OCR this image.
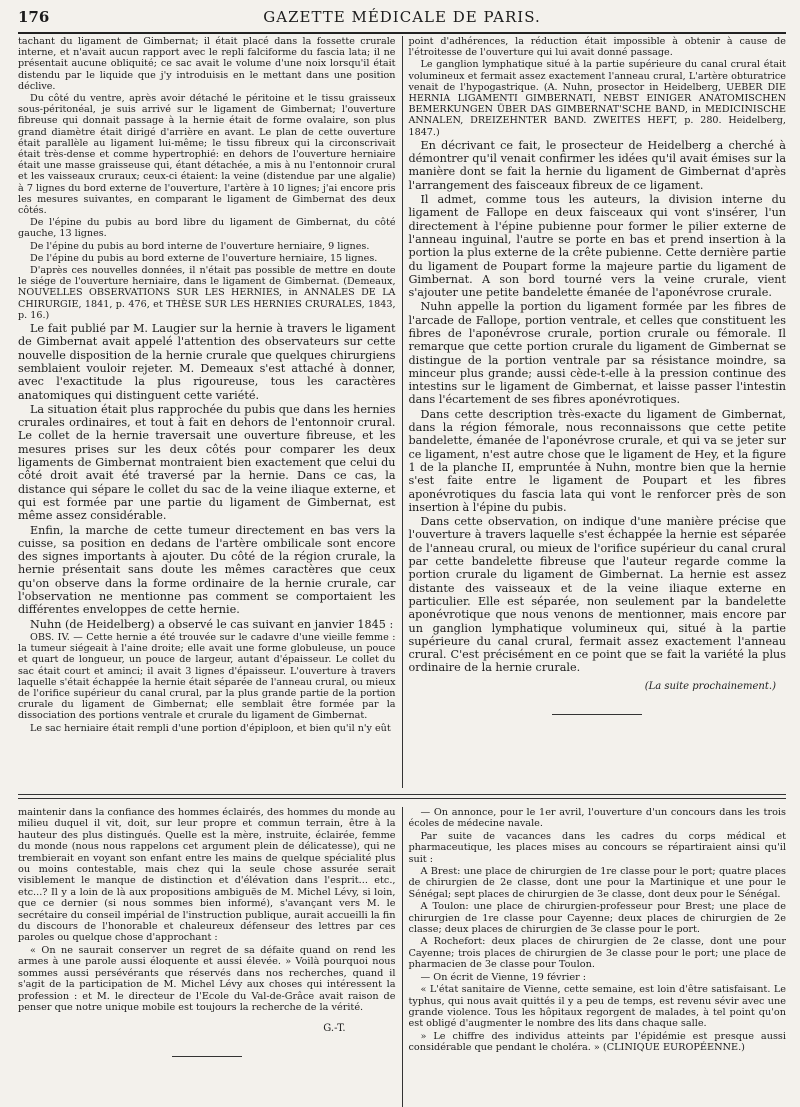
176	GAZETTE MÉDICALE DE PARIS.

tachant du ligament de Gimbernat; il était placé dans la fossette crurale interne, et n'avait aucun rapport avec le repli falciforme du fascia lata; il ne présentait aucune obliquité; ce sac avait le volume d'une noix lorsqu'il était distendu par le liquide que j'y introduisis en le mettant dans une position déclive.

Du côté du ventre, après avoir détaché le péritoine et le tissu graisseux sous-péritonéal, je suis arrivé sur le ligament de Gimbernat; l'ouverture fibreuse qui donnait passage à la hernie était de forme ovalaire, son plus grand diamètre était dirigé d'arrière en avant. Le plan de cette ouverture était parallèle au ligament lui-même; le tissu fibreux qui la circonscrivait était très-dense et comme hypertrophié: en dehors de l'ouverture herniaire était une masse graisseuse qui, étant détachée, a mis à nu l'entonnoir crural et les vaisseaux cruraux; ceux-ci étaient: la veine (distendue par une algalie) à 7 lignes du bord externe de l'ouverture, l'artère à 10 lignes; j'ai encore pris les mesures suivantes, en comparant le ligament de Gimbernat des deux côtés.

De l'épine du pubis au bord libre du ligament de Gimbernat, du côté gauche, 13 lignes.

De l'épine du pubis au bord interne de l'ouverture herniaire, 9 lignes.

De l'épine du pubis au bord externe de l'ouverture herniaire, 15 lignes.

D'après ces nouvelles données, il n'était pas possible de mettre en doute le siége de l'ouverture herniaire, dans le ligament de Gimbernat. (Demeaux, NOUVELLES OBSERVATIONS SUR LES HERNIES, in ANNALES DE LA CHIRURGIE, 1841, p. 476, et THÈSE SUR LES HERNIES CRURALES, 1843, p. 16.)

Le fait publié par M. Laugier sur la hernie à travers le ligament de Gimbernat avait appelé l'attention des observateurs sur cette nouvelle disposition de la hernie crurale que quelques chirurgiens semblaient vouloir rejeter. M. Demeaux s'est attaché à donner, avec l'exactitude la plus rigoureuse, tous les caractères anatomiques qui distinguent cette variété.

La situation était plus rapprochée du pubis que dans les hernies crurales ordinaires, et tout à fait en dehors de l'entonnoir crural. Le collet de la hernie traversait une ouverture fibreuse, et les mesures prises sur les deux côtés pour comparer les deux ligaments de Gimbernat montraient bien exactement que celui du côté droit avait été traversé par la hernie. Dans ce cas, la distance qui sépare le collet du sac de la veine iliaque externe, et qui est formée par une partie du ligament de Gimbernat, est même assez considérable.

Enfin, la marche de cette tumeur directement en bas vers la cuisse, sa position en dedans de l'artère ombilicale sont encore des signes importants à ajouter. Du côté de la région crurale, la hernie présentait sans doute les mêmes caractères que ceux qu'on observe dans la forme ordinaire de la hernie crurale, car l'observation ne mentionne pas comment se comportaient les différentes enveloppes de cette hernie.

Nuhn (de Heidelberg) a observé le cas suivant en janvier 1845 :

OBS. IV. — Cette hernie a été trouvée sur le cadavre d'une vieille femme : la tumeur siégeait à l'aine droite; elle avait une forme globuleuse, un pouce et quart de longueur, un pouce de largeur, autant d'épaisseur. Le collet du sac était court et aminci; il avait 3 lignes d'épaisseur. L'ouverture à travers laquelle s'était échappée la hernie était séparée de l'anneau crural, ou mieux de l'orifice supérieur du canal crural, par la plus grande partie de la portion crurale du ligament de Gimbernat; elle semblait être formée par la dissociation des portions ventrale et crurale du ligament de Gimbernat.

Le sac herniaire était rempli d'une portion d'épiploon, et bien qu'il n'y eût

point d'adhérences, la réduction était impossible à obtenir à cause de l'étroitesse de l'ouverture qui lui avait donné passage.

Le ganglion lymphatique situé à la partie supérieure du canal crural était volumineux et fermait assez exactement l'anneau crural, L'artère obturatrice venait de l'hypogastrique. (A. Nuhn, prosector in Heidelberg, UEBER DIE HERNIA LIGAMENTI GIMBERNATI, NEBST EINIGER ANATOMISCHEN BEMERKUNGEN ÜBER DAS GIMBERNAT'SCHE BAND, in MEDICINISCHE ANNALEN, DREIZEHNTER BAND. ZWEITES HEFT, p. 280. Heidelberg, 1847.)

En décrivant ce fait, le prosecteur de Heidelberg a cherché à démontrer qu'il venait confirmer les idées qu'il avait émises sur la manière dont se fait la hernie du ligament de Gimbernat d'après l'arrangement des faisceaux fibreux de ce ligament.

Il admet, comme tous les auteurs, la division interne du ligament de Fallope en deux faisceaux qui vont s'insérer, l'un directement à l'épine pubienne pour former le pilier externe de l'anneau inguinal, l'autre se porte en bas et prend insertion à la portion la plus externe de la crête pubienne. Cette dernière partie du ligament de Poupart forme la majeure partie du ligament de Gimbernat. A son bord tourné vers la veine crurale, vient s'ajouter une petite bandelette émanée de l'aponévrose crurale.

Nuhn appelle la portion du ligament formée par les fibres de l'arcade de Fallope, portion ventrale, et celles que constituent les fibres de l'aponévrose crurale, portion crurale ou fémorale. Il remarque que cette portion crurale du ligament de Gimbernat se distingue de la portion ventrale par sa résistance moindre, sa minceur plus grande; aussi cède-t-elle à la pression continue des intestins sur le ligament de Gimbernat, et laisse passer l'intestin dans l'écartement de ses fibres aponévrotiques.

Dans cette description très-exacte du ligament de Gimbernat, dans la région fémorale, nous reconnaissons que cette petite bandelette, émanée de l'aponévrose crurale, et qui va se jeter sur ce ligament, n'est autre chose que le ligament de Hey, et la figure 1 de la planche II, empruntée à Nuhn, montre bien que la hernie s'est faite entre le ligament de Poupart et les fibres aponévrotiques du fascia lata qui vont le renforcer près de son insertion à l'épine du pubis.

Dans cette observation, on indique d'une manière précise que l'ouverture à travers laquelle s'est échappée la hernie est séparée de l'anneau crural, ou mieux de l'orifice supérieur du canal crural par cette bandelette fibreuse que l'auteur regarde comme la portion crurale du ligament de Gimbernat. La hernie est assez distante des vaisseaux et de la veine iliaque externe en particulier. Elle est séparée, non seulement par la bandelette aponévrotique que nous venons de mentionner, mais encore par un ganglion lymphatique volumineux qui, situé à la partie supérieure du canal crural, fermait assez exactement l'anneau crural. C'est précisément en ce point que se fait la variété la plus ordinaire de la hernie crurale.

(La suite prochainement.)

maintenir dans la confiance des hommes éclairés, des hommes du monde au milieu duquel il vit, doit, sur leur propre et commun terrain, être à la hauteur des plus distingués. Quelle est la mère, instruite, éclairée, femme du monde (nous nous rappelons cet argument plein de délicatesse), qui ne trembierait en voyant son enfant entre les mains de quelque spécialité plus ou moins contestable, mais chez qui la seule chose assurée serait visiblement le manque de distinction et d'élévation dans l'esprit... etc., etc...? Il y a loin de là aux propositions ambiguës de M. Michel Lévy, si loin, que ce dernier (si nous sommes bien informé), s'avançant vers M. le secrétaire du conseil impérial de l'instruction publique, aurait accueilli la fin du discours de l'honorable et chaleureux défenseur des lettres par ces paroles ou quelque chose d'approchant :

« On ne saurait conserver un regret de sa défaite quand on rend les armes à une parole aussi éloquente et aussi élevée. » Voilà pourquoi nous sommes aussi persévérants que réservés dans nos recherches, quand il s'agit de la participation de M. Michel Lévy aux choses qui intéressent la profession : et M. le directeur de l'Ecole du Val-de-Grâce avait raison de penser que notre unique mobile est toujours la recherche de la vérité.

G.-T.

— On annonce, pour le 1er avril, l'ouverture d'un concours dans les trois écoles de médecine navale.

Par suite de vacances dans les cadres du corps médical et pharmaceutique, les places mises au concours se répartiraient ainsi qu'il suit :

A Brest: une place de chirurgien de 1re classe pour le port; quatre places de chirurgien de 2e classe, dont une pour la Martinique et une pour le Sénégal; sept places de chirurgien de 3e classe, dont deux pour le Sénégal.

A Toulon: une place de chirurgien-professeur pour Brest; une place de chirurgien de 1re classe pour Cayenne; deux places de chirurgien de 2e classe; deux places de chirurgien de 3e classe pour le port.

A Rochefort: deux places de chirurgien de 2e classe, dont une pour Cayenne; trois places de chirurgien de 3e classe pour le port; une place de pharmacien de 3e classe pour Toulon.

— On écrit de Vienne, 19 février :

« L'état sanitaire de Vienne, cette semaine, est loin d'être satisfaisant. Le typhus, qui nous avait quittés il y a peu de temps, est revenu sévir avec une grande violence. Tous les hôpitaux regorgent de malades, à tel point qu'on est obligé d'augmenter le nombre des lits dans chaque salle.

» Le chiffre des individus atteints par l'épidémie est presque aussi considérable que pendant le choléra. » (CLINIQUE EUROPÉENNE.)
